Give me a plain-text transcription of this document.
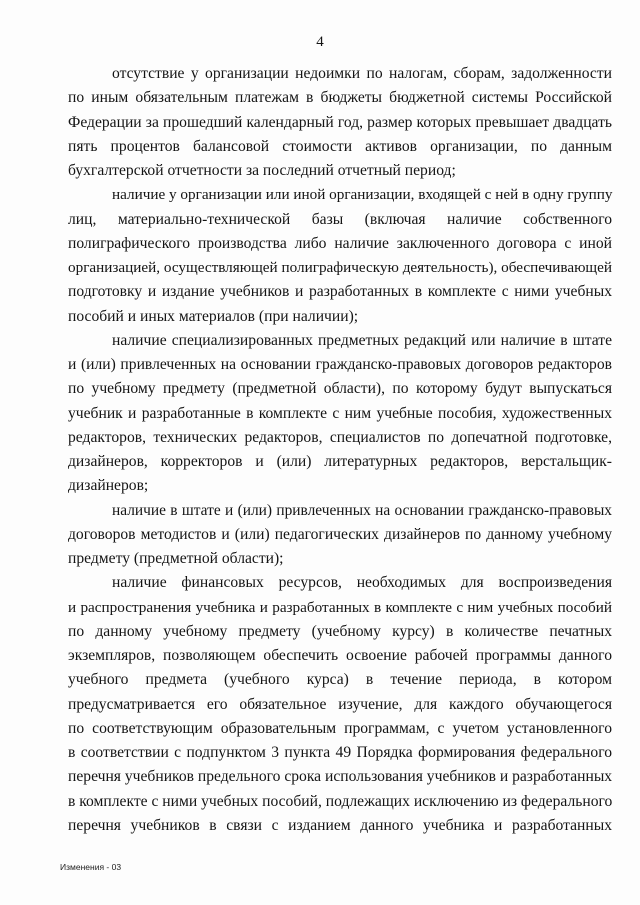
4
отсутствие у организации недоимки по налогам, сборам, задолженности
по иным обязательным платежам в бюджеты бюджетной системы Российской
Федерации за прошедший календарный год, размер которых превышает двадцать
пять процентов балансовой стоимости активов организации, по данным
бухгалтерской отчетности за последний отчетный период;
наличие у организации или иной организации, входящей с ней в одну группу
лиц, материально-технической базы (включая наличие собственного
полиграфического производства либо наличие заключенного договора с иной
организацией, осуществляющей полиграфическую деятельность), обеспечивающей
подготовку и издание учебников и разработанных в комплекте с ними учебных
пособий и иных материалов (при наличии);
наличие специализированных предметных редакций или наличие в штате
и (или) привлеченных на основании гражданско-правовых договоров редакторов
по учебному предмету (предметной области), по которому будут выпускаться
учебник и разработанные в комплекте с ним учебные пособия, художественных
редакторов, технических редакторов, специалистов по допечатной подготовке,
дизайнеров, корректоров и (или) литературных редакторов, верстальщик-
дизайнеров;
наличие в штате и (или) привлеченных на основании гражданско-правовых
договоров методистов и (или) педагогических дизайнеров по данному учебному
предмету (предметной области);
наличие финансовых ресурсов, необходимых для воспроизведения
и распространения учебника и разработанных в комплекте с ним учебных пособий
по данному учебному предмету (учебному курсу) в количестве печатных
экземпляров, позволяющем обеспечить освоение рабочей программы данного
учебного предмета (учебного курса) в течение периода, в котором
предусматривается его обязательное изучение, для каждого обучающегося
по соответствующим образовательным программам, с учетом установленного
в соответствии с подпунктом 3 пункта 49 Порядка формирования федерального
перечня учебников предельного срока использования учебников и разработанных
в комплекте с ними учебных пособий, подлежащих исключению из федерального
перечня учебников в связи с изданием данного учебника и разработанных
Изменения - 03
